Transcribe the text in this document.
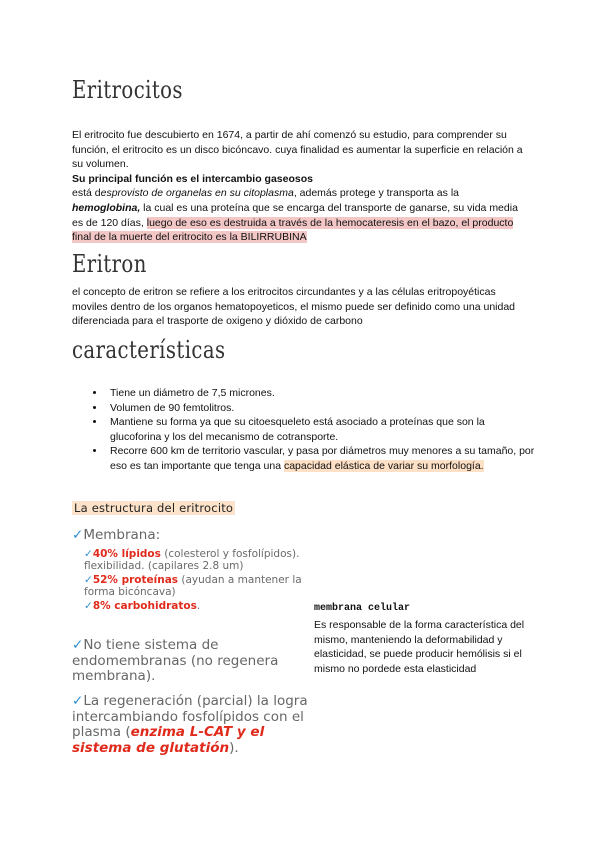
Eritrocitos

El eritrocito fue descubierto en 1674, a partir de ahí comenzó su estudio, para comprender su función, el eritrocito es un disco bicóncavo. cuya finalidad es aumentar la superficie en relación a su volumen.

Su principal función es el intercambio gaseosos

está desprovisto de organelas en su citoplasma, además protege y transporta as la hemoglobina, la cual es una proteína que se encarga del transporte de ganarse, su vida media es de 120 días, luego de eso es destruida a través de la hemocateresis en el bazo, el producto final de la muerte del eritrocito es la BILIRRUBINA

Eritron

el concepto de eritron se refiere a los eritrocitos circundantes y a las células eritropoyéticas moviles dentro de los organos hematopoyeticos, el mismo puede ser definido como una unidad diferenciada para el trasporte de oxigeno y dióxido de carbono

características
• Tiene un diámetro de 7,5 micrones.
• Volumen de 90 femtolitros.
• Mantiene su forma ya que su citoesqueleto está asociado a proteínas que son la glucoforina y los del mecanismo de cotransporte.
• Recorre 600 km de territorio vascular, y pasa por diámetros muy menores a su tamaño, por eso es tan importante que tenga una capacidad elástica de variar su morfología.
La estructura del eritrocito
✓Membrana:
✓40% lípidos (colesterol y fosfolípidos).
flexibilidad. (capilares 2.8 um)
✓52% proteínas (ayudan a mantener la forma bicóncava)
✓8% carbohidratos.
✓No tiene sistema de endomembranas (no regenera membrana).
✓La regeneración (parcial) la logra intercambiando fosfolípidos con el plasma (enzima L-CAT y el sistema de glutatión).
membrana celular
Es responsable de la forma característica del mismo, manteniendo la deformabilidad y elasticidad, se puede producir hemólisis si el mismo no pordede esta elasticidad
